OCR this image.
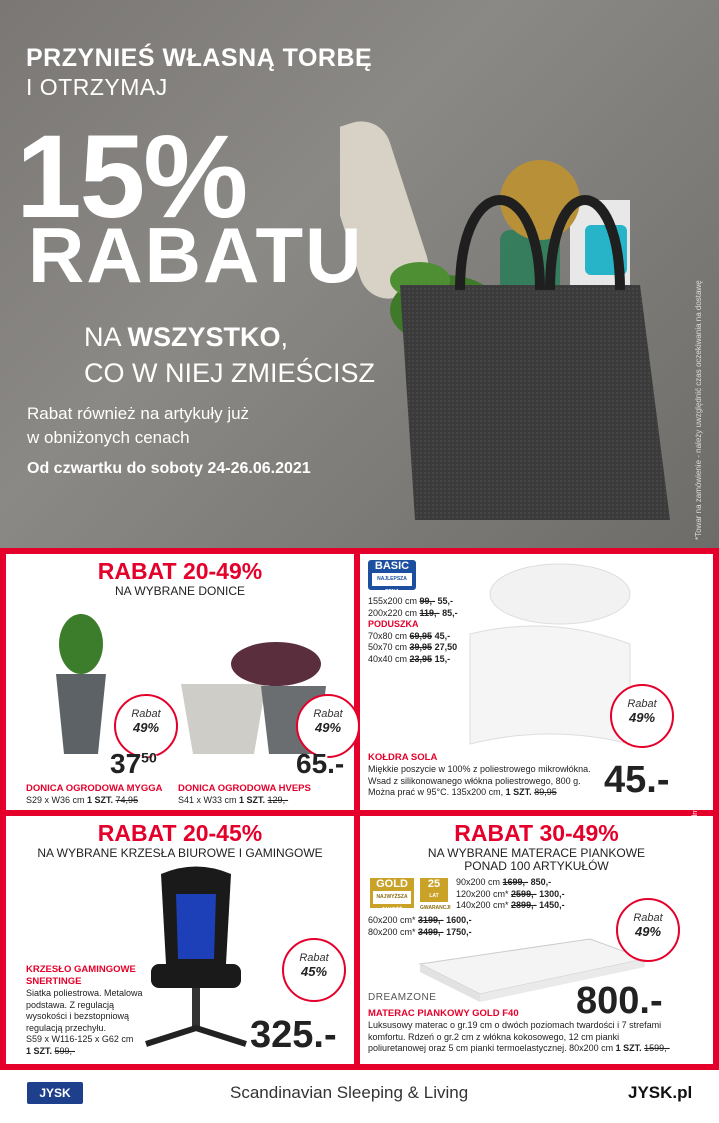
PRZYNIEŚ WŁASNĄ TORBĘ
I OTRZYMAJ
15%
RABATU
NA WSZYSTKO,
CO W NIEJ ZMIEŚCISZ
Rabat również na artykuły już
w obniżonych cenach
Od czwartku do soboty 24-26.06.2021	*Towar na zamówienie - należy uwzględnić czas oczekiwania na dostawę
RABAT 20-49%
NA WYBRANE DONICE
Rabat
49%
Rabat
49%
$37^{50}$	65.-
DONICA OGRODOWA MYGGA
S29 x W36 cm 1 SZT. 74,95
DONICA OGRODOWA HVEPS
S41 x W33 cm 1 SZT. 129,-
BASIC

NAJLEPSZA
CENA
155x200 cm 99,- 55,-
200x220 cm 119,- 85,-
PODUSZKA
70x80 cm 69,95 45,-
50x70 cm 39,95 27,50
40x40 cm 23,95 15,-
Rabat
49%
KOŁDRA SOLA
Miękkie poszycie w 100% z poliestrowego mikrowłókna.
Wsad z silikonowanego włókna poliestrowego, 800 g.
Można prać w 95°C. 135x200 cm, 1 SZT. 89,95	45.-
RABAT 20-45%
NA WYBRANE KRZESŁA BIUROWE I GAMINGOWE
Rabat
45%
KRZESŁO GAMINGOWE
SNERTINGE
Siatka poliestrowa. Metalowa
podstawa. Z regulacją
wysokości i bezstopniową
regulacją przechyłu.
S59 x W116-125 x G62 cm
1 SZT. 599,-	325.-
RABAT 30-49%
NA WYBRANE MATERACE PIANKOWE
PONAD 100 ARTYKUŁÓW
GOLD
NAJWYŻSZA
JAKOŚĆ
25
LAT
GWARANCJI
90x200 cm 1699,- 850,-
120x200 cm* 2599,- 1300,-
140x200 cm* 2899,- 1450,-
60x200 cm* 3199,- 1600,-
80x200 cm* 3499,- 1750,-
Rabat
49%
DREAMZONE	800.-
MATERAC PIANKOWY GOLD F40
Luksusowy materac o gr.19 cm o dwóch poziomach twardości i 7 strefami
komfortu. Rdzeń o gr.2 cm z włókna kokosowego, 12 cm pianki
poliuretanowej oraz 5 cm pianki termoelastycznej. 80x200 cm 1 SZT. 1599,-	JFL 2021/0604 www.agency-spring.com Zastrzega się prawo do ewentualnych opóźnień w dostawach i błędów w druku. Oferta ważna do wyczerpania asortymentu.
JYSK	Scandinavian Sleeping & Living	JYSK.pl
